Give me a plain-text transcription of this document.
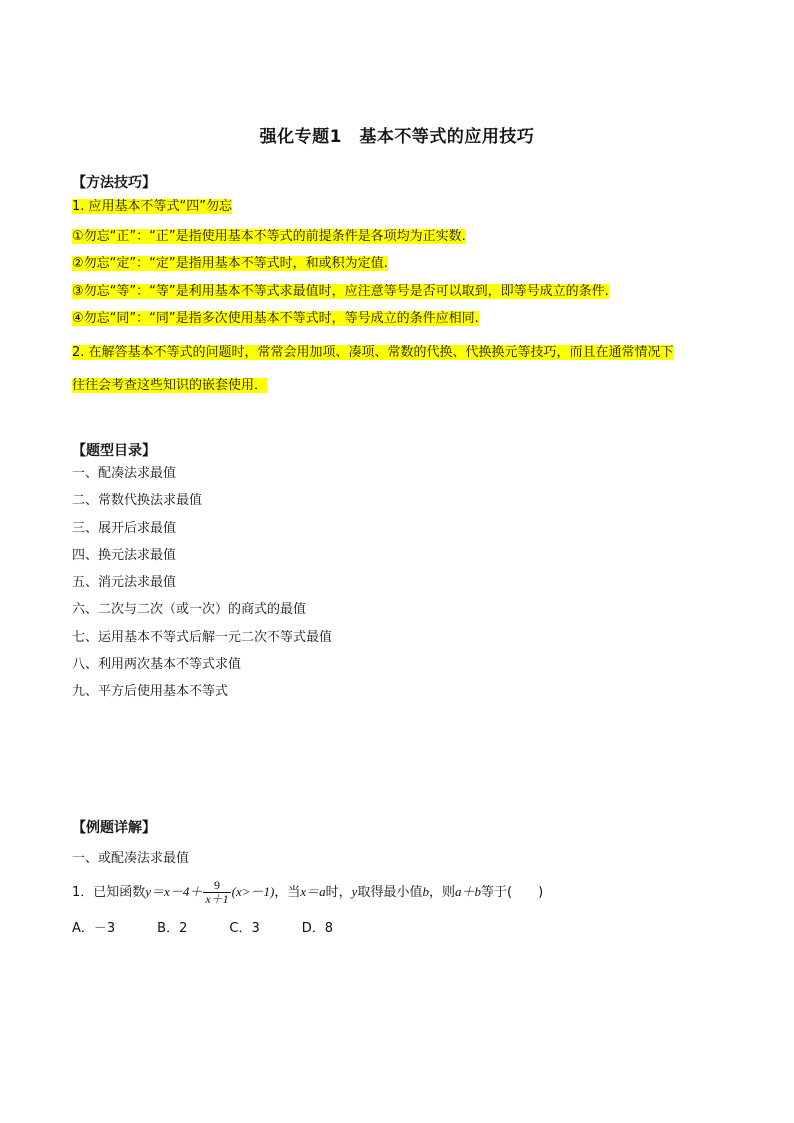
强化专题1　基本不等式的应用技巧
【方法技巧】
1. 应用基本不等式“四”勿忘
①勿忘“正”：“正”是指使用基本不等式的前提条件是各项均为正实数.
②勿忘“定”：“定”是指用基本不等式时，和或积为定值.
③勿忘“等”：“等”是利用基本不等式求最值时，应注意等号是否可以取到，即等号成立的条件.
④勿忘“同”：“同”是指多次使用基本不等式时，等号成立的条件应相同.
2. 在解答基本不等式的问题时，常常会用加项、凑项、常数的代换、代换换元等技巧，而且在通常情况下
往往会考查这些知识的嵌套使用．
【题型目录】
一、配凑法求最值
二、常数代换法求最值
三、展开后求最值
四、换元法求最值
五、消元法求最值
六、二次与二次（或一次）的商式的最值
七、运用基本不等式后解一元二次不等式最值
八、利用两次基本不等式求值
九、平方后使用基本不等式
【例题详解】
一、或配凑法求最值
1．已知函数$y=x-4+ \frac{9}{x+1} (x>-1)$，当x＝a时，y取得最小值b，则a＋b等于(　　)
A．－3	B．2	C．3	D．8
